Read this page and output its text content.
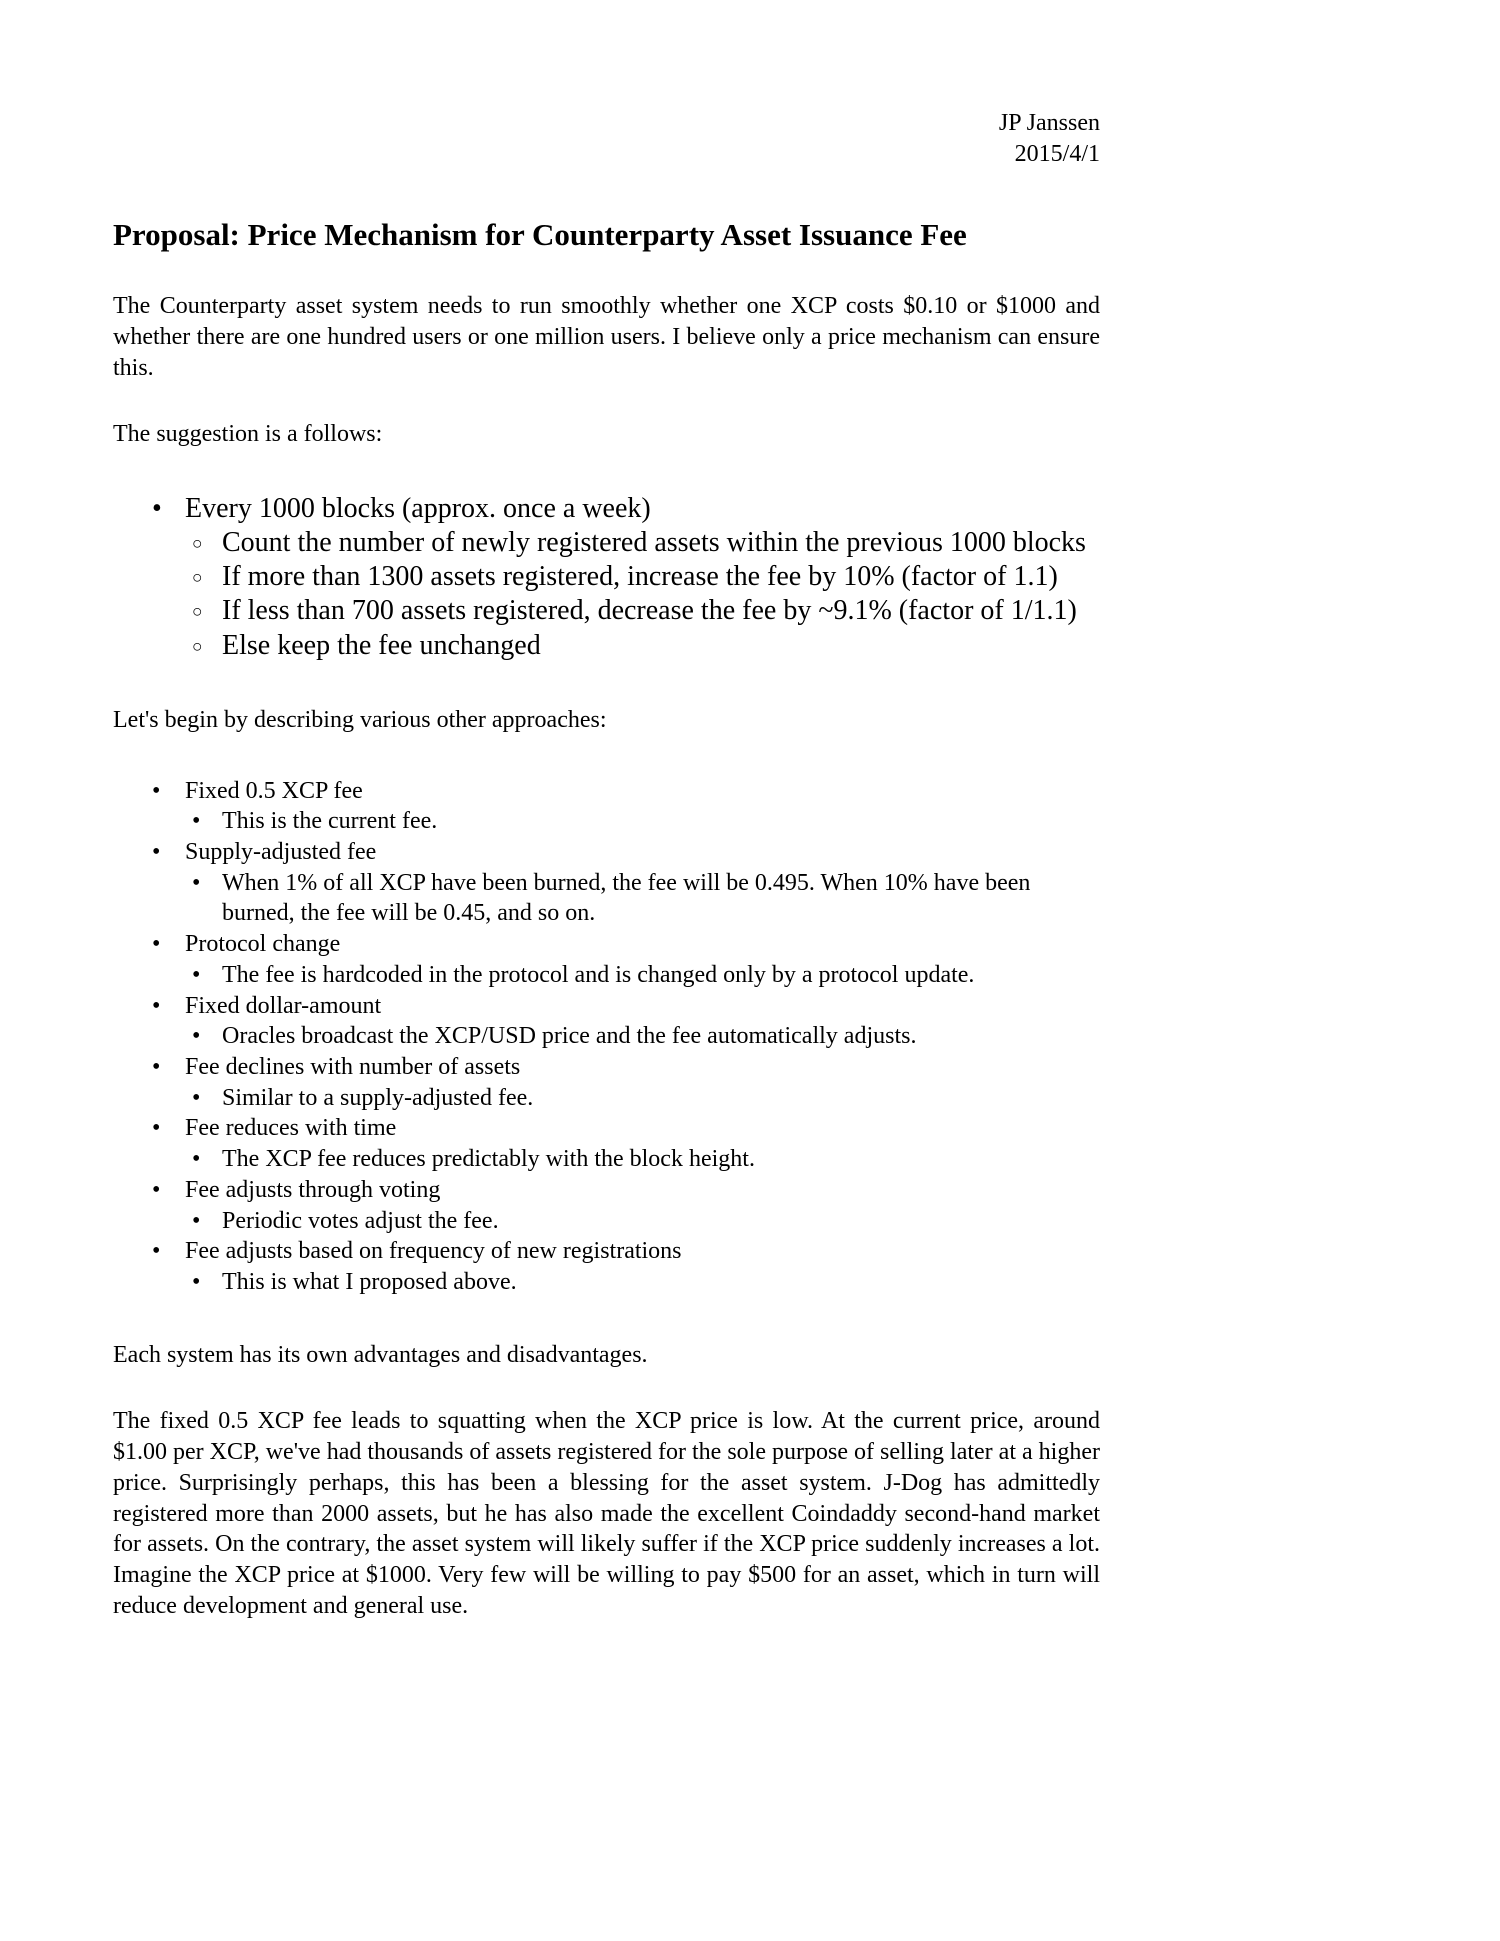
JP Janssen
2015/4/1
Proposal: Price Mechanism for Counterparty Asset Issuance Fee

The Counterparty asset system needs to run smoothly whether one XCP costs $0.10 or $1000 and whether there are one hundred users or one million users. I believe only a price mechanism can ensure this.

The suggestion is a follows:

•
Every 1000 blocks (approx. once a week)
○
Count the number of newly registered assets within the previous 1000 blocks
○
If more than 1300 assets registered, increase the fee by 10% (factor of 1.1)
○
If less than 700 assets registered, decrease the fee by ~9.1% (factor of 1/1.1)
○
Else keep the fee unchanged

Let's begin by describing various other approaches:

•
Fixed 0.5 XCP fee
•
This is the current fee.
•
Supply-adjusted fee
•
When 1% of all XCP have been burned, the fee will be 0.495. When 10% have been burned, the fee will be 0.45, and so on.
•
Protocol change
•
The fee is hardcoded in the protocol and is changed only by a protocol update.
•
Fixed dollar-amount
•
Oracles broadcast the XCP/USD price and the fee automatically adjusts.
•
Fee declines with number of assets
•
Similar to a supply-adjusted fee.
•
Fee reduces with time
•
The XCP fee reduces predictably with the block height.
•
Fee adjusts through voting
•
Periodic votes adjust the fee.
•
Fee adjusts based on frequency of new registrations
•
This is what I proposed above.

Each system has its own advantages and disadvantages.

The fixed 0.5 XCP fee leads to squatting when the XCP price is low. At the current price, around $1.00 per XCP, we've had thousands of assets registered for the sole purpose of selling later at a higher price. Surprisingly perhaps, this has been a blessing for the asset system. J-Dog has admittedly registered more than 2000 assets, but he has also made the excellent Coindaddy second-hand market for assets. On the contrary, the asset system will likely suffer if the XCP price suddenly increases a lot. Imagine the XCP price at $1000. Very few will be willing to pay $500 for an asset, which in turn will reduce development and general use.
